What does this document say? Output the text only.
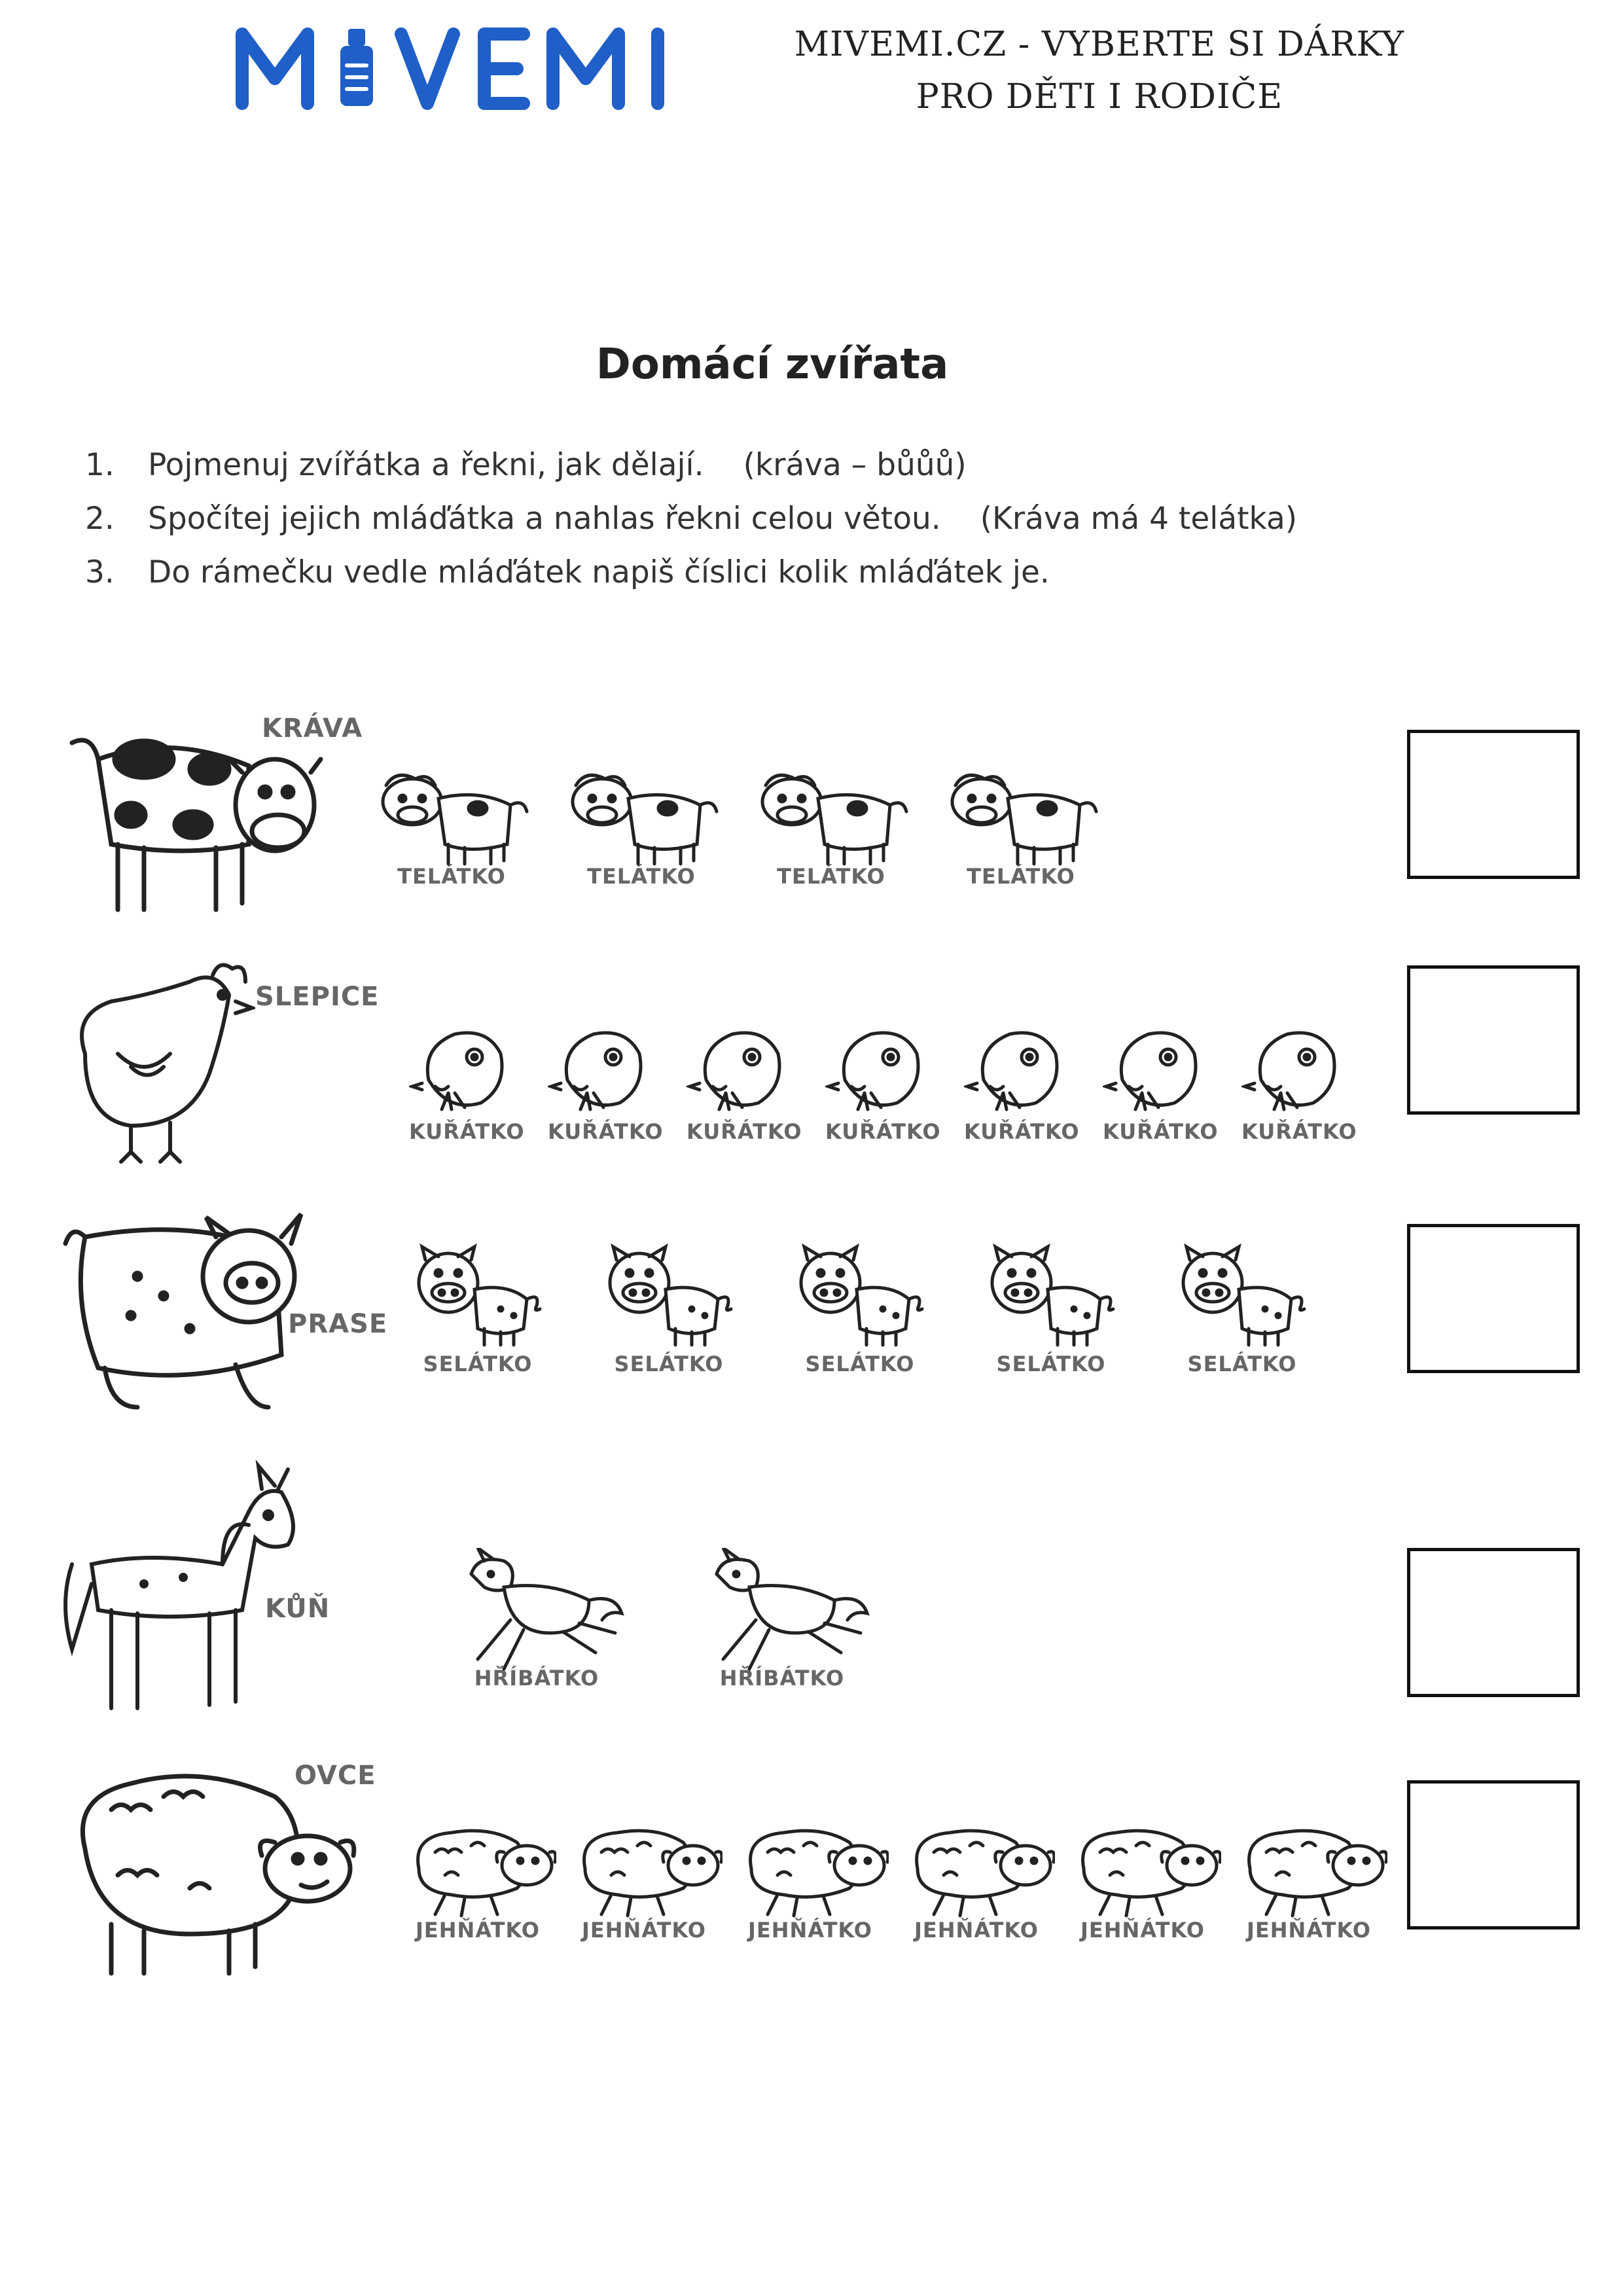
MIVEMI.CZ - VYBERTE SI DÁRKY
PRO DĚTI I RODIČE
Domácí zvířata
1. Pojmenuj zvířátka a řekni, jak dělají. (kráva – bůůů)
2. Spočítej jejich mláďátka a nahlas řekni celou větou. (Kráva má 4 telátka)
3. Do rámečku vedle mláďátek napiš číslici kolik mláďátek je.
KRÁVA
TELÁTKO	TELÁTKO	TELÁTKO	TELÁTKO
SLEPICE
KUŘÁTKO KUŘÁTKO KUŘÁTKO KUŘÁTKO KUŘÁTKO KUŘÁTKO KUŘÁTKO
PRASE
SELÁTKO	SELÁTKO	SELÁTKO	SELÁTKO	SELÁTKO
KŮŇ
HŘÍBÁTKO	HŘÍBÁTKO
OVCE
JEHŇÁTKO	JEHŇÁTKO	JEHŇÁTKO	JEHŇÁTKO	JEHŇÁTKO	JEHŇÁTKO
